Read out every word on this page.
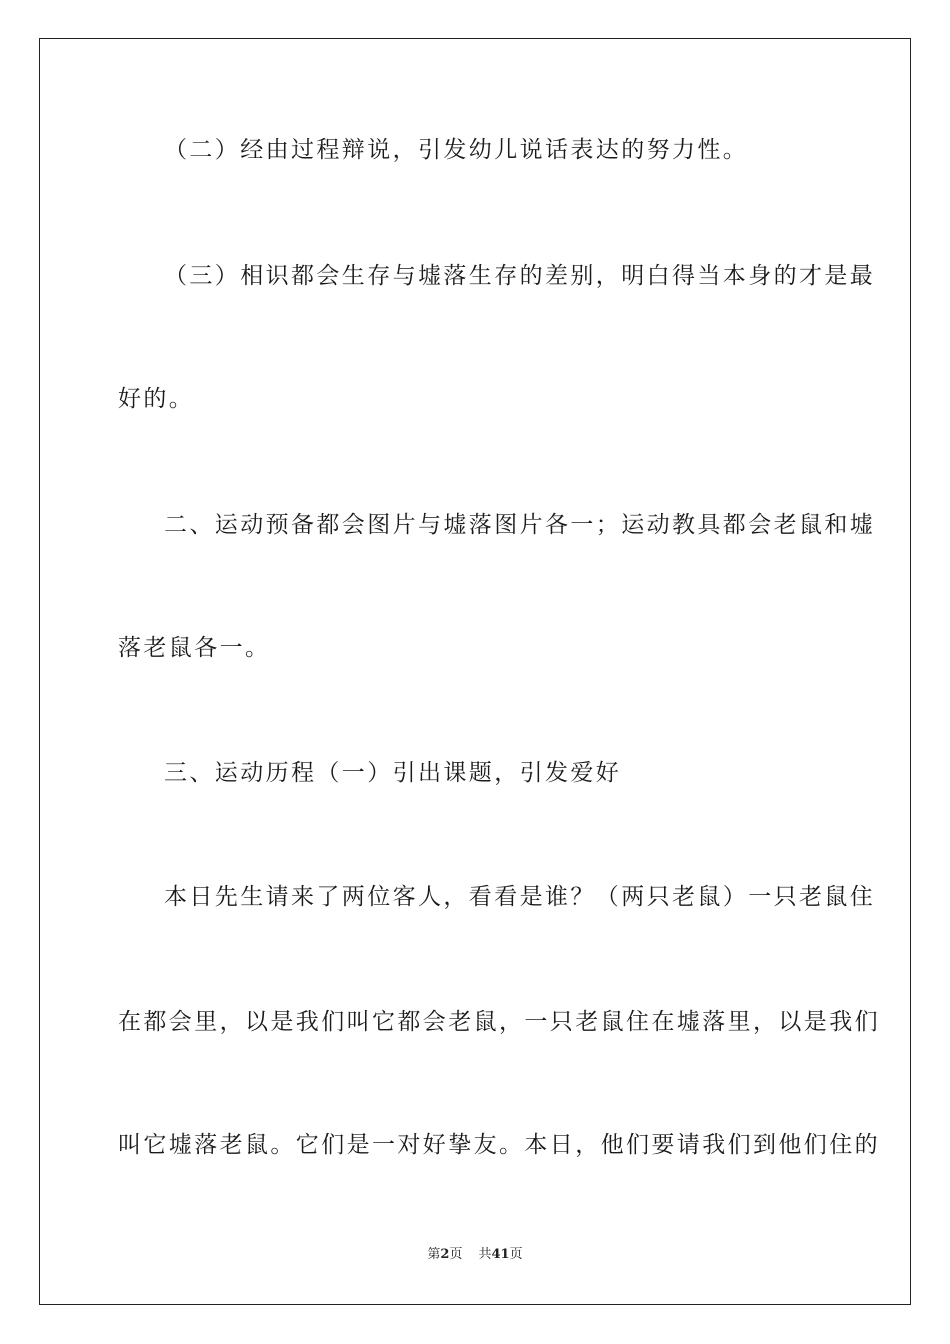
（二）经由过程辩说，引发幼儿说话表达的努力性。
（三）相识都会生存与墟落生存的差别，明白得当本身的才是最
好的。
二、运动预备都会图片与墟落图片各一；运动教具都会老鼠和墟
落老鼠各一。
三、运动历程（一）引出课题，引发爱好
本日先生请来了两位客人，看看是谁？（两只老鼠）一只老鼠住
在都会里，以是我们叫它都会老鼠，一只老鼠住在墟落里，以是我们
叫它墟落老鼠。它们是一对好挚友。本日，他们要请我们到他们住的
第2页 共41页
